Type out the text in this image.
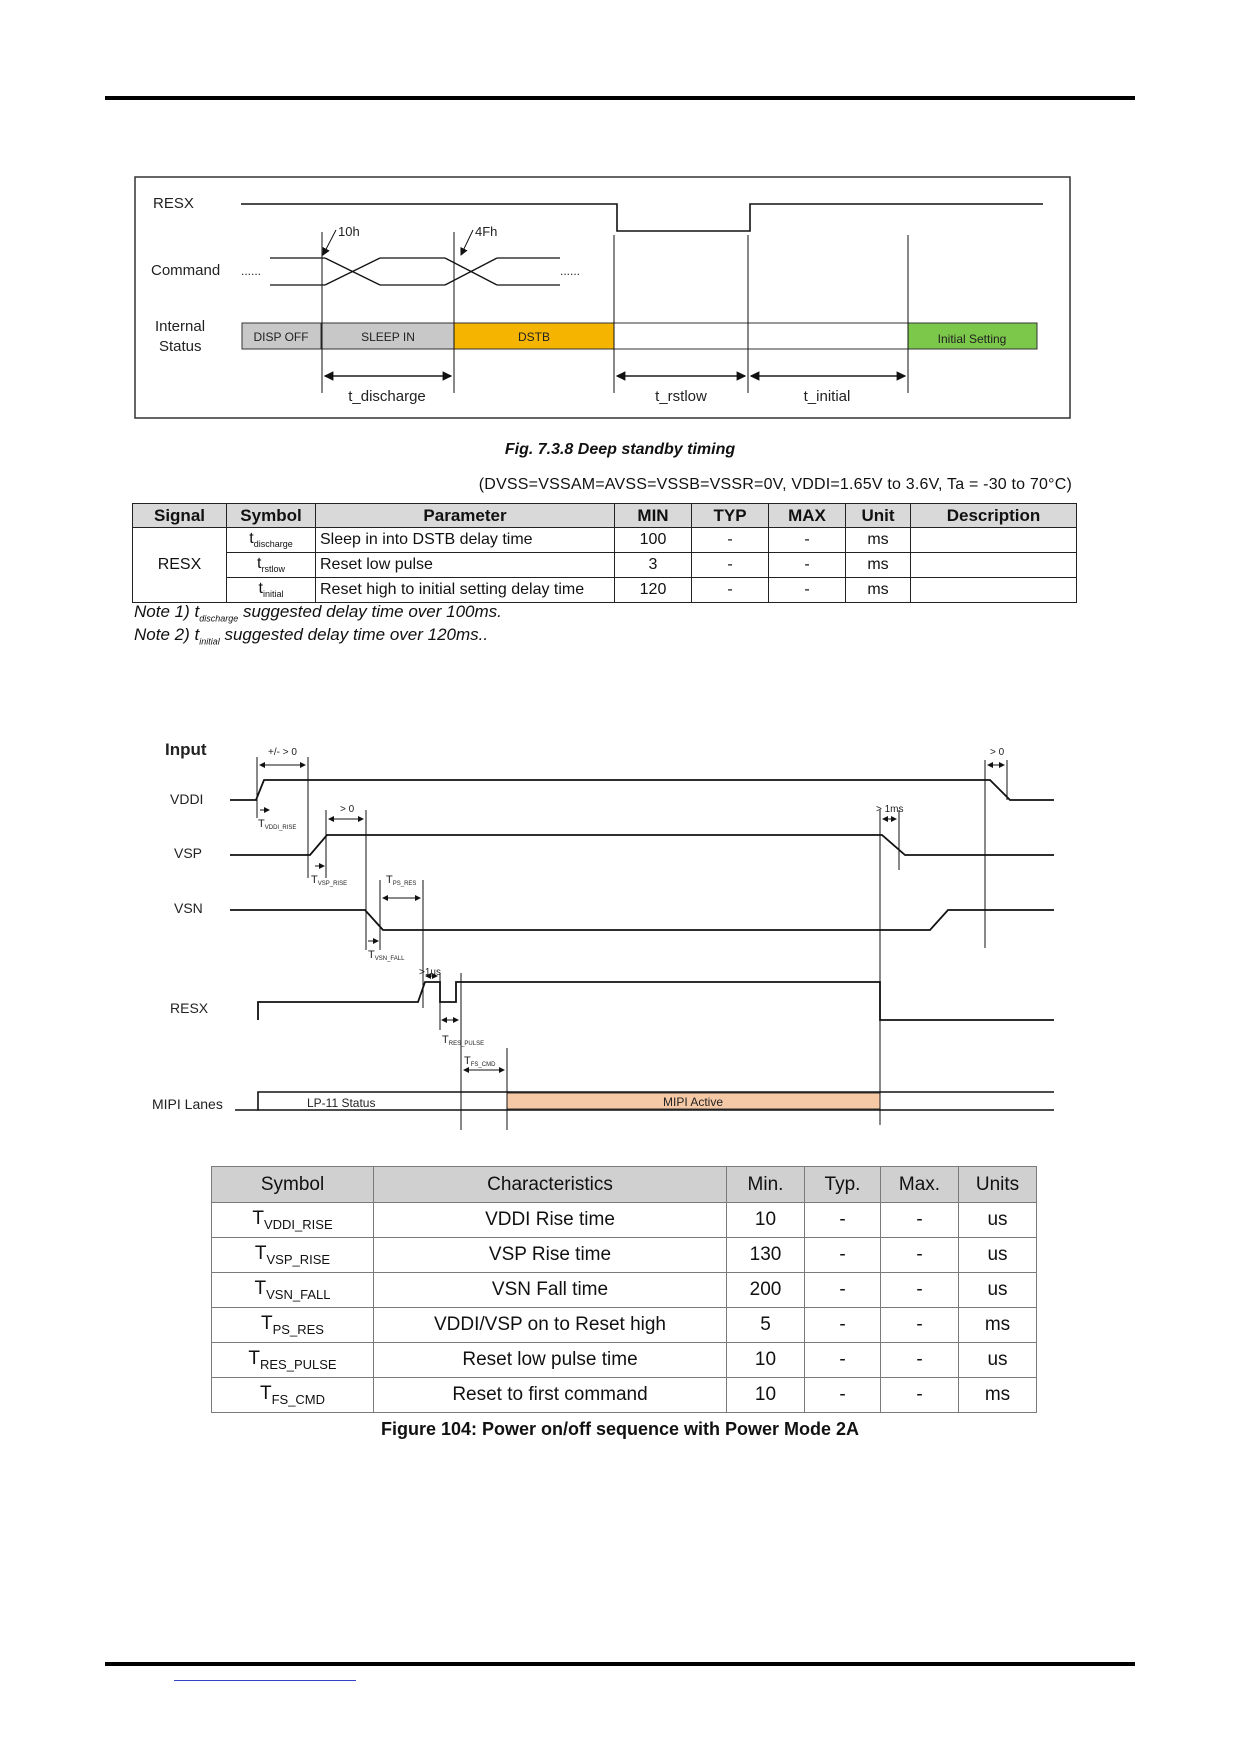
RESX
Command
Internal
Status
......	......
10h	4Fh
DISP OFF	SLEEP IN	DSTB	Initial Setting
t_discharge	t_rstlow	t_initial
Fig. 7.3.8 Deep standby timing
(DVSS=VSSAM=AVSS=VSSB=VSSR=0V, VDDI=1.65V to 3.6V, Ta = -30 to 70°C)
Signal	Symbol	Parameter	MIN	TYP	MAX	Unit	Description
RESX	$t_{discharge}$	Sleep in into DSTB delay time	100	-	-	ms	
	$t_{rstlow}$	Reset low pulse	3	-	-	ms	
	$t_{initial}$	Reset high to initial setting delay time	120	-	-	ms	
Note 1) $t_{discharge}$ suggested delay time over 100ms.
Note 2) $t_{initial}$ suggested delay time over 120ms..
Input
VDDI
VSP
VSN
RESX
MIPI Lanes	LP-11 Status	MIPI Active
+/- > 0
> 0
> 0
> 1ms
>1us
TVDDI_RISE
TVSP_RISE	TPS_RES
TVSN_FALL
TRES_PULSE
TFS_CMD
Symbol	Characteristics	Min.	Typ.	Max.	Units
$T_{VDDI\_RISE}$	VDDI Rise time	10	-	-	us
$T_{VSP\_RISE}$	VSP Rise time	130	-	-	us
$T_{VSN\_FALL}$	VSN Fall time	200	-	-	us
$T_{PS\_RES}$	VDDI/VSP on to Reset high	5	-	-	ms
$T_{RES\_PULSE}$	Reset low pulse time	10	-	-	us
$T_{FS\_CMD}$	Reset to first command	10	-	-	ms
Figure 104: Power on/off sequence with Power Mode 2A
